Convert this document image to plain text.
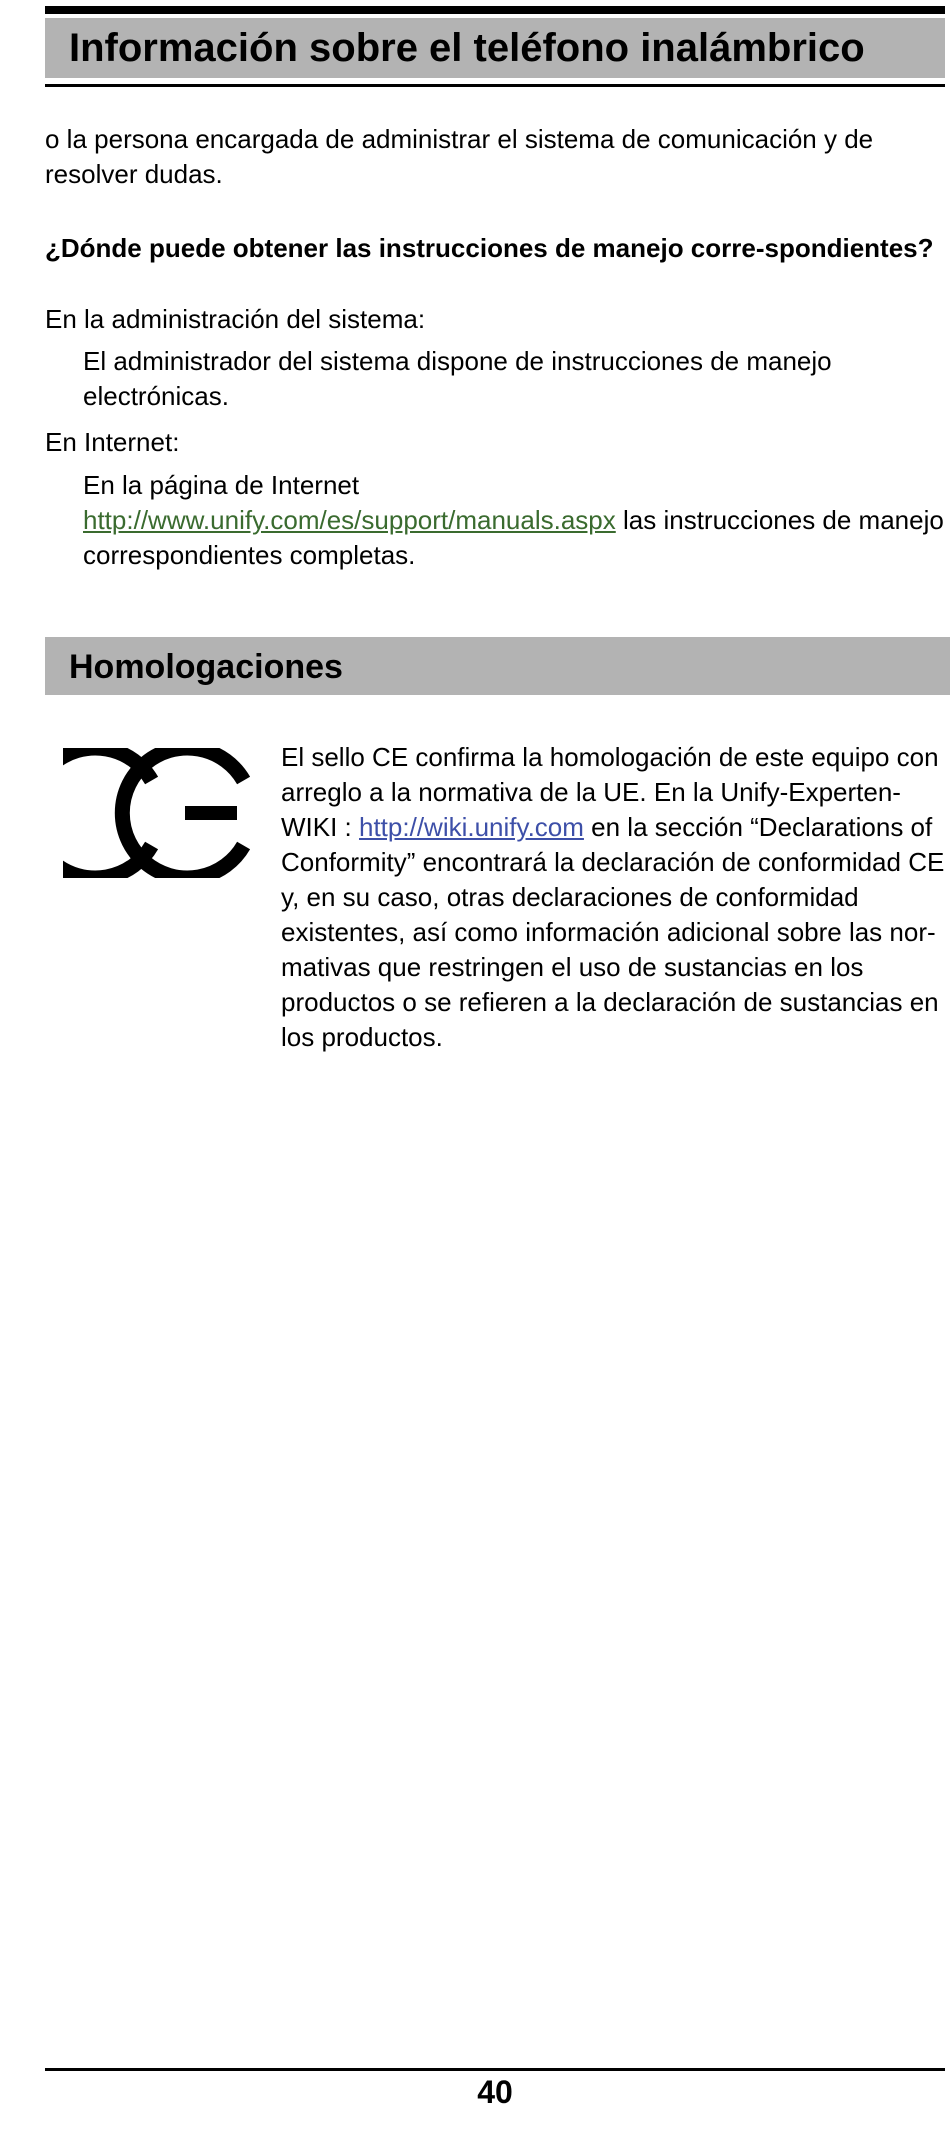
Información sobre el teléfono inalámbrico

o la persona encargada de administrar el sistema de comunicación y de resolver dudas.

¿Dónde puede obtener las instrucciones de manejo corre-spondientes?

En la administración del sistema:

El administrador del sistema dispone de instrucciones de manejo electrónicas.

En Internet:

En la página de Internet
http://www.unify.com/es/support/manuals.aspx las instrucciones de manejo correspondientes completas.

Homologaciones

El sello CE confirma la homologación de este equipo con arreglo a la normativa de la UE. En la Unify-Experten-WIKI : http://wiki.unify.com en la sección “Declarations of Conformity” encontrará la declaración de conformidad CE y, en su caso, otras declaraciones de conformidad existentes, así como información adicional sobre las nor-mativas que restringen el uso de sustancias en los productos o se refieren a la declaración de sustancias en los productos.

40
